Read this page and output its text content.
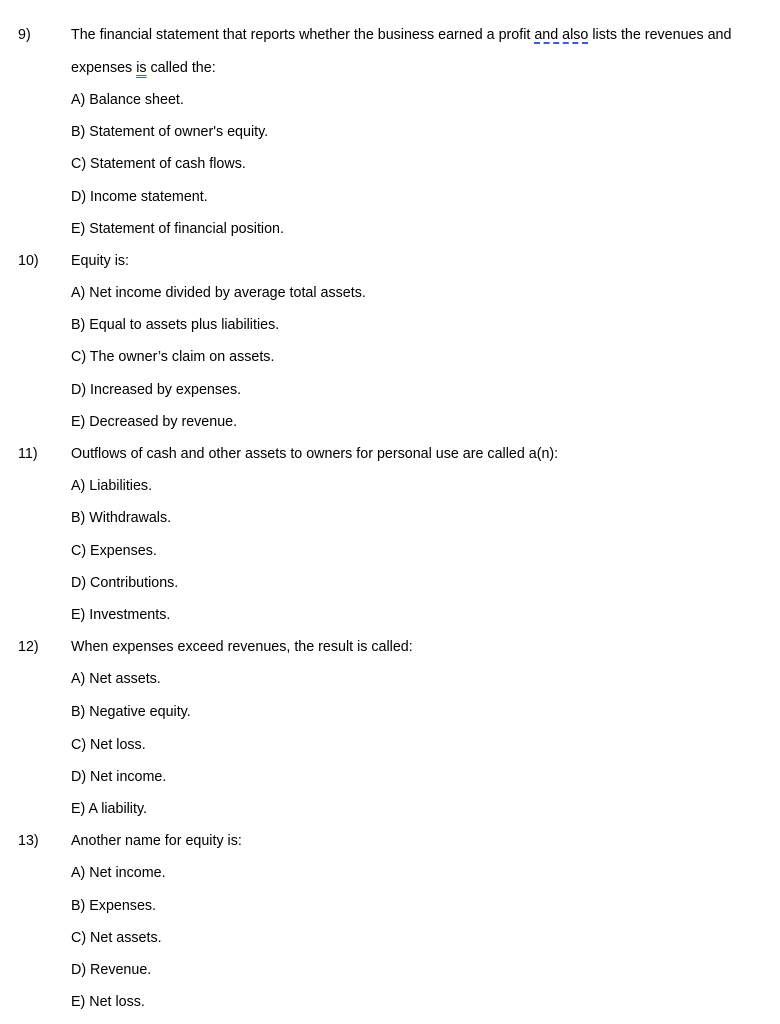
9)	The financial statement that reports whether the business earned a profit and also lists the revenues and
expenses is called the:
A) Balance sheet.
B) Statement of owner's equity.
C) Statement of cash flows.
D) Income statement.
E) Statement of financial position.
10) Equity is:
A) Net income divided by average total assets.
B) Equal to assets plus liabilities.
C) The owner’s claim on assets.
D) Increased by expenses.
E) Decreased by revenue.
11) Outflows of cash and other assets to owners for personal use are called a(n):
A) Liabilities.
B) Withdrawals.
C) Expenses.
D) Contributions.
E) Investments.
12) When expenses exceed revenues, the result is called:
A) Net assets.
B) Negative equity.
C) Net loss.
D) Net income.
E) A liability.
13) Another name for equity is:
A) Net income.
B) Expenses.
C) Net assets.
D) Revenue.
E) Net loss.
